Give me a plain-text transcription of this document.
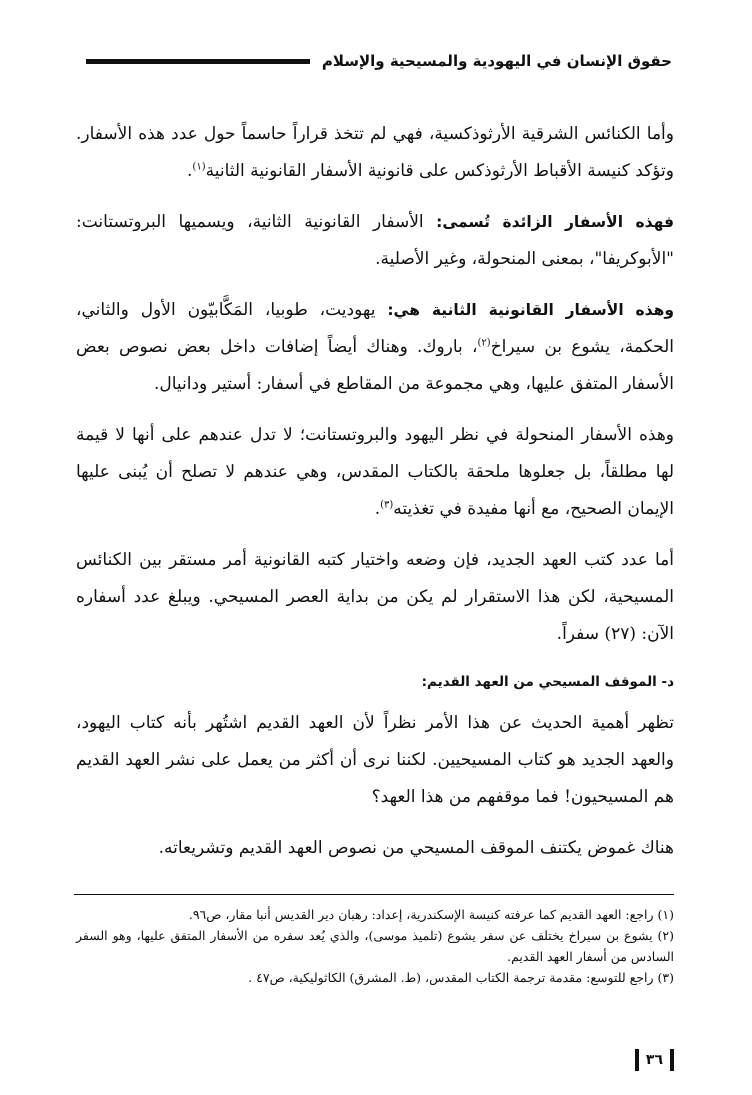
حقوق الإنسان في اليهودية والمسيحية والإسلام

وأما الكنائس الشرقية الأرثوذكسية، فهي لم تتخذ قراراً حاسماً حول عدد هذه الأسفار. وتؤكد كنيسة الأقباط الأرثوذكس على قانونية الأسفار القانونية الثانية$^{(١)}$.

فهذه الأسفار الزائدة تُسمى: الأسفار القانونية الثانية، ويسميها البروتستانت: "الأبوكريفا"، بمعنى المنحولة، وغير الأصلية.

وهذه الأسفار القانونية الثانية هي: يهوديت، طوبيا، المَكَّابيّون الأول والثاني، الحكمة، يشوع بن سيراخ$^{(٢)}$، باروك. وهناك أيضاً إضافات داخل بعض نصوص بعض الأسفار المتفق عليها، وهي مجموعة من المقاطع في أسفار: أستير ودانيال.

وهذه الأسفار المنحولة في نظر اليهود والبروتستانت؛ لا تدل عندهم على أنها لا قيمة لها مطلقاً، بل جعلوها ملحقة بالكتاب المقدس، وهي عندهم لا تصلح أن يُبنى عليها الإيمان الصحيح، مع أنها مفيدة في تغذيته$^{(٣)}$.

أما عدد كتب العهد الجديد، فإن وضعه واختيار كتبه القانونية أمر مستقر بين الكنائس المسيحية، لكن هذا الاستقرار لم يكن من بداية العصر المسيحي. ويبلغ عدد أسفاره الآن: (٢٧) سفراً.

د- الموقف المسيحي من العهد القديم:

تظهر أهمية الحديث عن هذا الأمر نظراً لأن العهد القديم اشتُهر بأنه كتاب اليهود، والعهد الجديد هو كتاب المسيحيين. لكننا نرى أن أكثر من يعمل على نشر العهد القديم هم المسيحيون! فما موقفهم من هذا العهد؟

هناك غموض يكتنف الموقف المسيحي من نصوص العهد القديم وتشريعاته.

(١) راجع: العهد القديم كما عرفته كنيسة الإسكندرية، إعداد: رهبان دير القديس أنبا مقار، ص٩٦.

(٢) يشوع بن سيراخ يختلف عن سفر يشوع (تلميذ موسى)، والذي يُعد سفره من الأسفار المتفق عليها، وهو السفر السادس من أسفار العهد القديم.

(٣) راجع للتوسع: مقدمة ترجمة الكتاب المقدس، (ط. المشرق) الكاثوليكية، ص٤٧ .

٣٦
